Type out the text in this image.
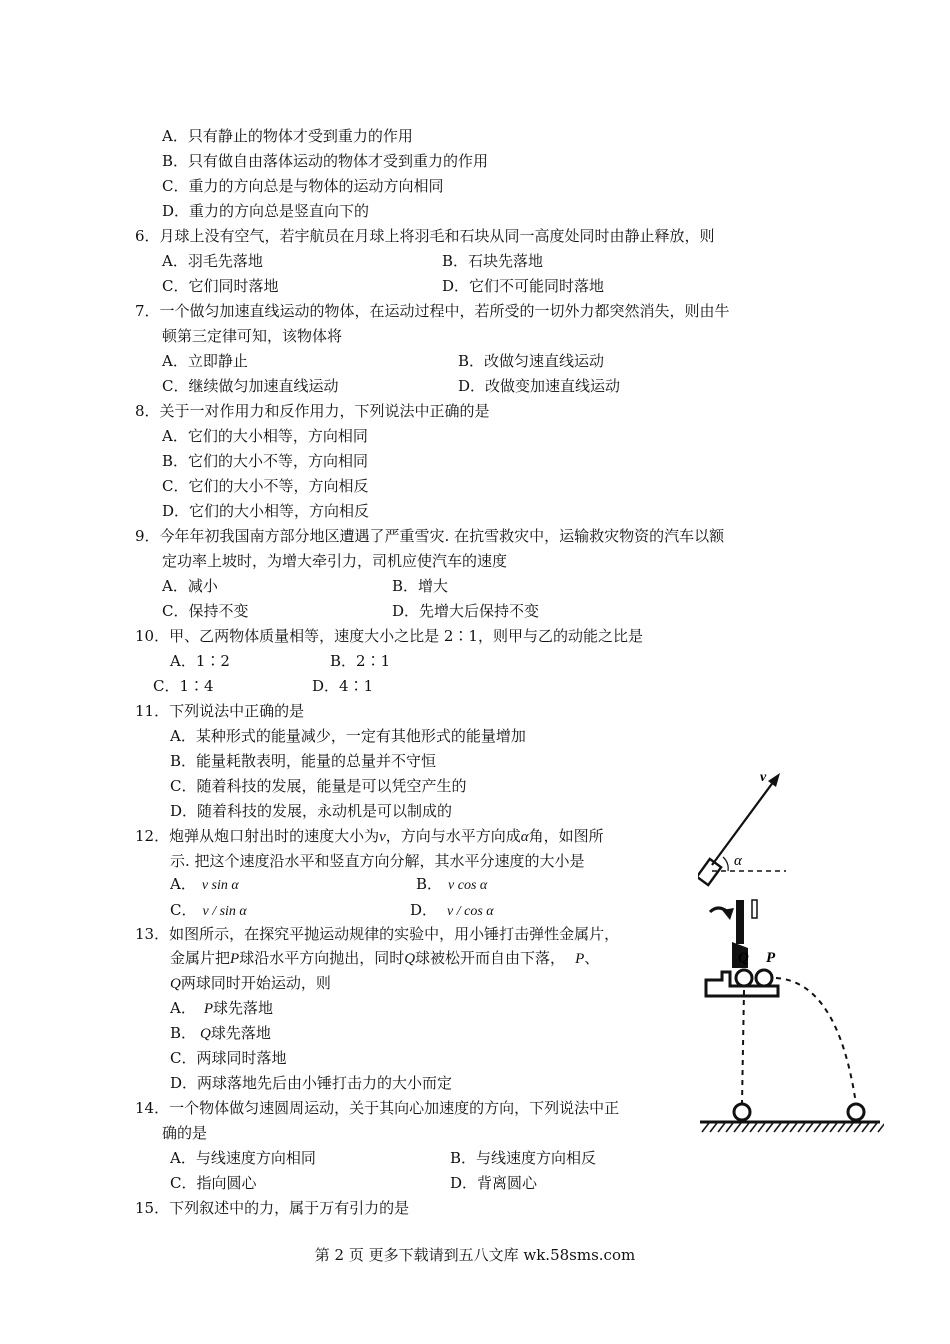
A．只有静止的物体才受到重力的作用
B．只有做自由落体运动的物体才受到重力的作用
C．重力的方向总是与物体的运动方向相同
D．重力的方向总是竖直向下的
6．月球上没有空气，若宇航员在月球上将羽毛和石块从同一高度处同时由静止释放，则
A．羽毛先落地	B．石块先落地
C．它们同时落地	D．它们不可能同时落地
7．一个做匀加速直线运动的物体，在运动过程中，若所受的一切外力都突然消失，则由牛
顿第三定律可知，该物体将
A．立即静止	B．改做匀速直线运动
C．继续做匀加速直线运动	D．改做变加速直线运动
8．关于一对作用力和反作用力，下列说法中正确的是
A．它们的大小相等，方向相同
B．它们的大小不等，方向相同
C．它们的大小不等，方向相反
D．它们的大小相等，方向相反
9．今年年初我国南方部分地区遭遇了严重雪灾. 在抗雪救灾中，运输救灾物资的汽车以额
定功率上坡时，为增大牵引力，司机应使汽车的速度
A．减小	B．增大
C．保持不变	D．先增大后保持不变
10．甲、乙两物体质量相等，速度大小之比是 2∶1，则甲与乙的动能之比是
A．1∶2	B．2∶1
C．1∶4	D．4∶1
11．下列说法中正确的是
A．某种形式的能量减少，一定有其他形式的能量增加
B．能量耗散表明，能量的总量并不守恒
C．随着科技的发展，能量是可以凭空产生的
D．随着科技的发展，永动机是可以制成的
12．炮弹从炮口射出时的速度大小为v，方向与水平方向成α角，如图所
示. 把这个速度沿水平和竖直方向分解，其水平分速度的大小是
A． v sin α	B． v cos α
C． v / sin α	D． v / cos α
13．如图所示，在探究平抛运动规律的实验中，用小锤打击弹性金属片，
金属片把P球沿水平方向抛出，同时Q球被松开而自由下落， P、
Q两球同时开始运动，则
A． P球先落地
B． Q球先落地
C．两球同时落地
D．两球落地先后由小锤打击力的大小而定
14．一个物体做匀速圆周运动，关于其向心加速度的方向，下列说法中正
确的是
A．与线速度方向相同	B．与线速度方向相反
C．指向圆心	D．背离圆心
15．下列叙述中的力，属于万有引力的是
v
α
Q P
第 2 页 更多下载请到五八文库 wk.58sms.com
